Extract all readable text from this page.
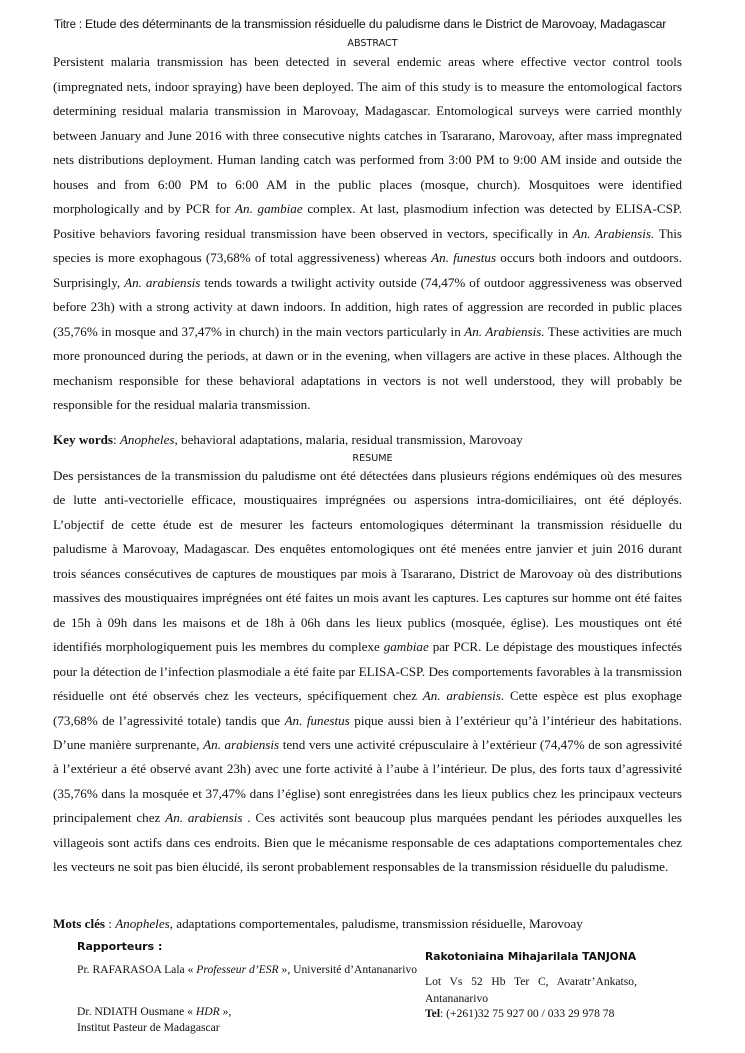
Titre : Etude des déterminants de la transmission résiduelle du paludisme dans le District de Marovoay, Madagascar
ABSTRACT

Persistent malaria transmission has been detected in several endemic areas where effective vector control tools (impregnated nets, indoor spraying) have been deployed. The aim of this study is to measure the entomological factors determining residual malaria transmission in Marovoay, Madagascar. Entomological surveys were carried monthly between January and June 2016 with three consecutive nights catches in Tsararano, Marovoay, after mass impregnated nets distributions deployment. Human landing catch was performed from 3:00 PM to 9:00 AM inside and outside the houses and from 6:00 PM to 6:00 AM in the public places (mosque, church). Mosquitoes were identified morphologically and by PCR for An. gambiae complex. At last, plasmodium infection was detected by ELISA-CSP. Positive behaviors favoring residual transmission have been observed in vectors, specifically in An. Arabiensis. This species is more exophagous (73,68% of total aggressiveness) whereas An. funestus occurs both indoors and outdoors. Surprisingly, An. arabiensis tends towards a twilight activity outside (74,47% of outdoor aggressiveness was observed before 23h) with a strong activity at dawn indoors. In addition, high rates of aggression are recorded in public places (35,76% in mosque and 37,47% in church) in the main vectors particularly in An. Arabiensis. These activities are much more pronounced during the periods, at dawn or in the evening, when villagers are active in these places. Although the mechanism responsible for these behavioral adaptations in vectors is not well understood, they will probably be responsible for the residual malaria transmission.

Key words: Anopheles, behavioral adaptations, malaria, residual transmission, Marovoay
RESUME

Des persistances de la transmission du paludisme ont été détectées dans plusieurs régions endémiques où des mesures de lutte anti-vectorielle efficace, moustiquaires imprégnées ou aspersions intra-domiciliaires, ont été déployés. L’objectif de cette étude est de mesurer les facteurs entomologiques déterminant la transmission résiduelle du paludisme à Marovoay, Madagascar. Des enquêtes entomologiques ont été menées entre janvier et juin 2016 durant trois séances consécutives de captures de moustiques par mois à Tsararano, District de Marovoay où des distributions massives des moustiquaires imprégnées ont été faites un mois avant les captures. Les captures sur homme ont été faites de 15h à 09h dans les maisons et de 18h à 06h dans les lieux publics (mosquée, église). Les moustiques ont été identifiés morphologiquement puis les membres du complexe gambiae par PCR. Le dépistage des moustiques infectés pour la détection de l’infection plasmodiale a été faite par ELISA-CSP. Des comportements favorables à la transmission résiduelle ont été observés chez les vecteurs, spécifiquement chez An. arabiensis. Cette espèce est plus exophage (73,68% de l’agressivité totale) tandis que An. funestus pique aussi bien à l’extérieur qu’à l’intérieur des habitations. D’une manière surprenante, An. arabiensis tend vers une activité crépusculaire à l’extérieur (74,47% de son agressivité à l’extérieur a été observé avant 23h) avec une forte activité à l’aube à l’intérieur. De plus, des forts taux d’agressivité (35,76% dans la mosquée et 37,47% dans l’église) sont enregistrées dans les lieux publics chez les principaux vecteurs principalement chez An. arabiensis . Ces activités sont beaucoup plus marquées pendant les périodes auxquelles les villageois sont actifs dans ces endroits. Bien que le mécanisme responsable de ces adaptations comportementales chez les vecteurs ne soit pas bien élucidé, ils seront probablement responsables de la transmission résiduelle du paludisme.

Mots clés : Anopheles, adaptations comportementales, paludisme, transmission résiduelle, Marovoay
Rapporteurs :
Pr. RAFARASOA Lala « Professeur d’ESR », Université d’Antananarivo
Dr. NDIATH Ousmane « HDR »,
Institut Pasteur de Madagascar
Rakotoniaina Mihajarilala TANJONA
Lot Vs 52 Hb Ter C, Avaratr’Ankatso, Antananarivo
Tel: (+261)32 75 927 00 / 033 29 978 78
